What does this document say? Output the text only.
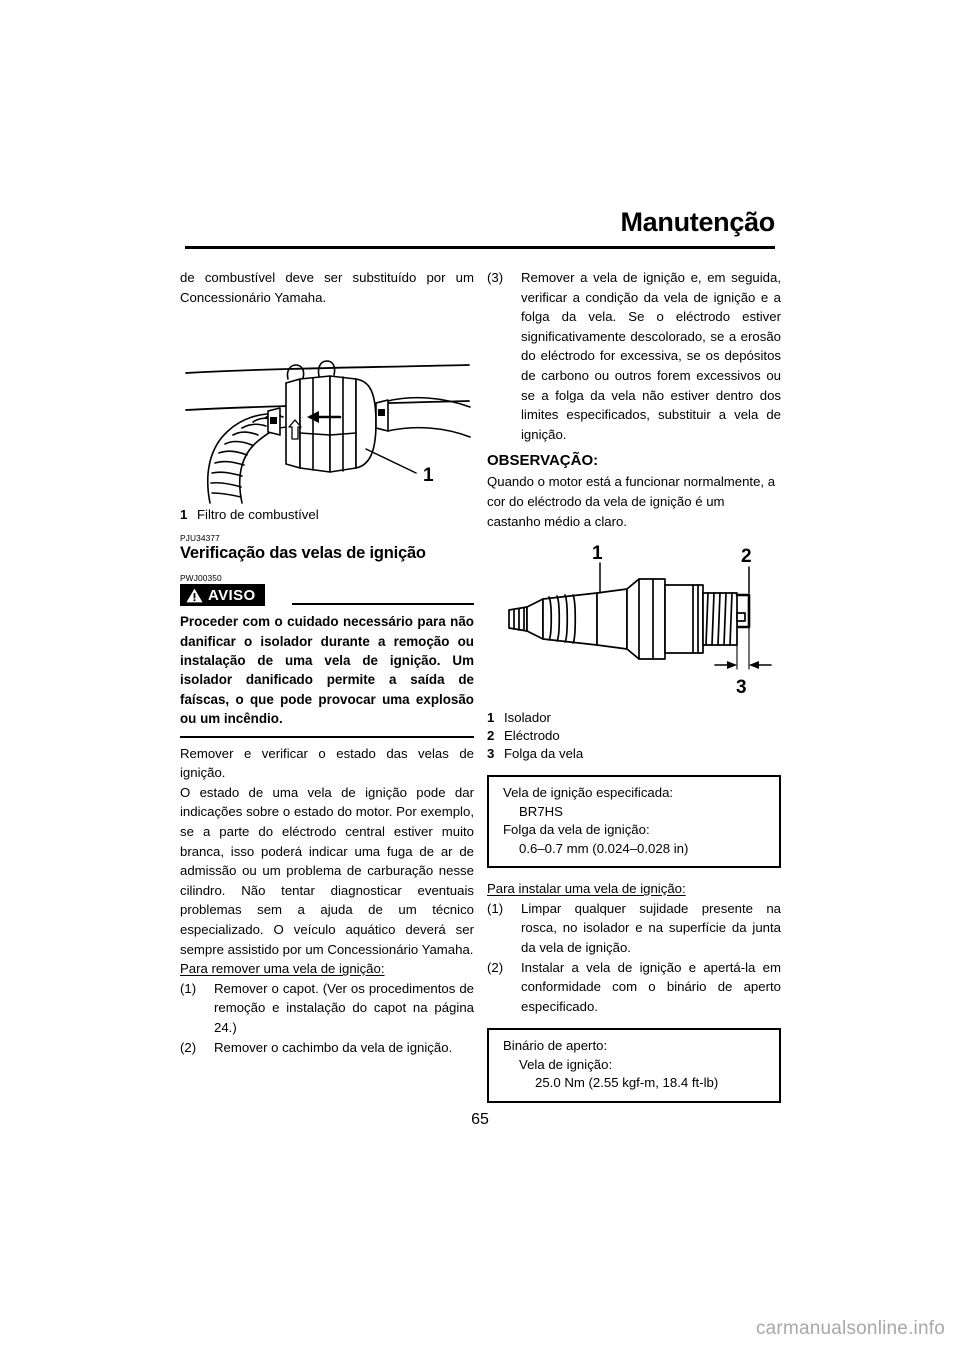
Manutenção

de combustível deve ser substituído por um Concessionário Yamaha.

1
1 Filtro de combustível
PJU34377
Verificação das velas de ignição
PWJ00350
AVISO

Proceder com o cuidado necessário para não danificar o isolador durante a remoção ou instalação de uma vela de ignição. Um isolador danificado permite a saída de faíscas, o que pode provocar uma explosão ou um incêndio.

Remover e verificar o estado das velas de ignição.

O estado de uma vela de ignição pode dar indicações sobre o estado do motor. Por exemplo, se a parte do eléctrodo central estiver muito branca, isso poderá indicar uma fuga de ar de admissão ou um problema de carburação nesse cilindro. Não tentar diagnosticar eventuais problemas sem a ajuda de um técnico especializado. O veículo aquático deverá ser sempre assistido por um Concessionário Yamaha.

Para remover uma vela de ignição:

(1)	Remover o capot. (Ver os procedimentos de remoção e instalação do capot na página 24.)
(2)	Remover o cachimbo da vela de ignição.
(3)	Remover a vela de ignição e, em seguida, verificar a condição da vela de ignição e a folga da vela. Se o eléctrodo estiver significativamente descolorado, se a erosão do eléctrodo for excessiva, se os depósitos de carbono ou outros forem excessivos ou se a folga da vela não estiver dentro dos limites especificados, substituir a vela de ignição.
OBSERVAÇÃO:

Quando o motor está a funcionar normalmente, a cor do eléctrodo da vela de ignição é um castanho médio a claro.

1	2
3
1 Isolador
2 Eléctrodo
3 Folga da vela
Vela de ignição especificada:
BR7HS
Folga da vela de ignição:
0.6–0.7 mm (0.024–0.028 in)

Para instalar uma vela de ignição:

(1)	Limpar qualquer sujidade presente na rosca, no isolador e na superfície da junta da vela de ignição.
(2)	Instalar a vela de ignição e apertá-la em conformidade com o binário de aperto especificado.
Binário de aperto:
Vela de ignição:
25.0 Nm (2.55 kgf-m, 18.4 ft-lb)
65
carmanualsonline.info
